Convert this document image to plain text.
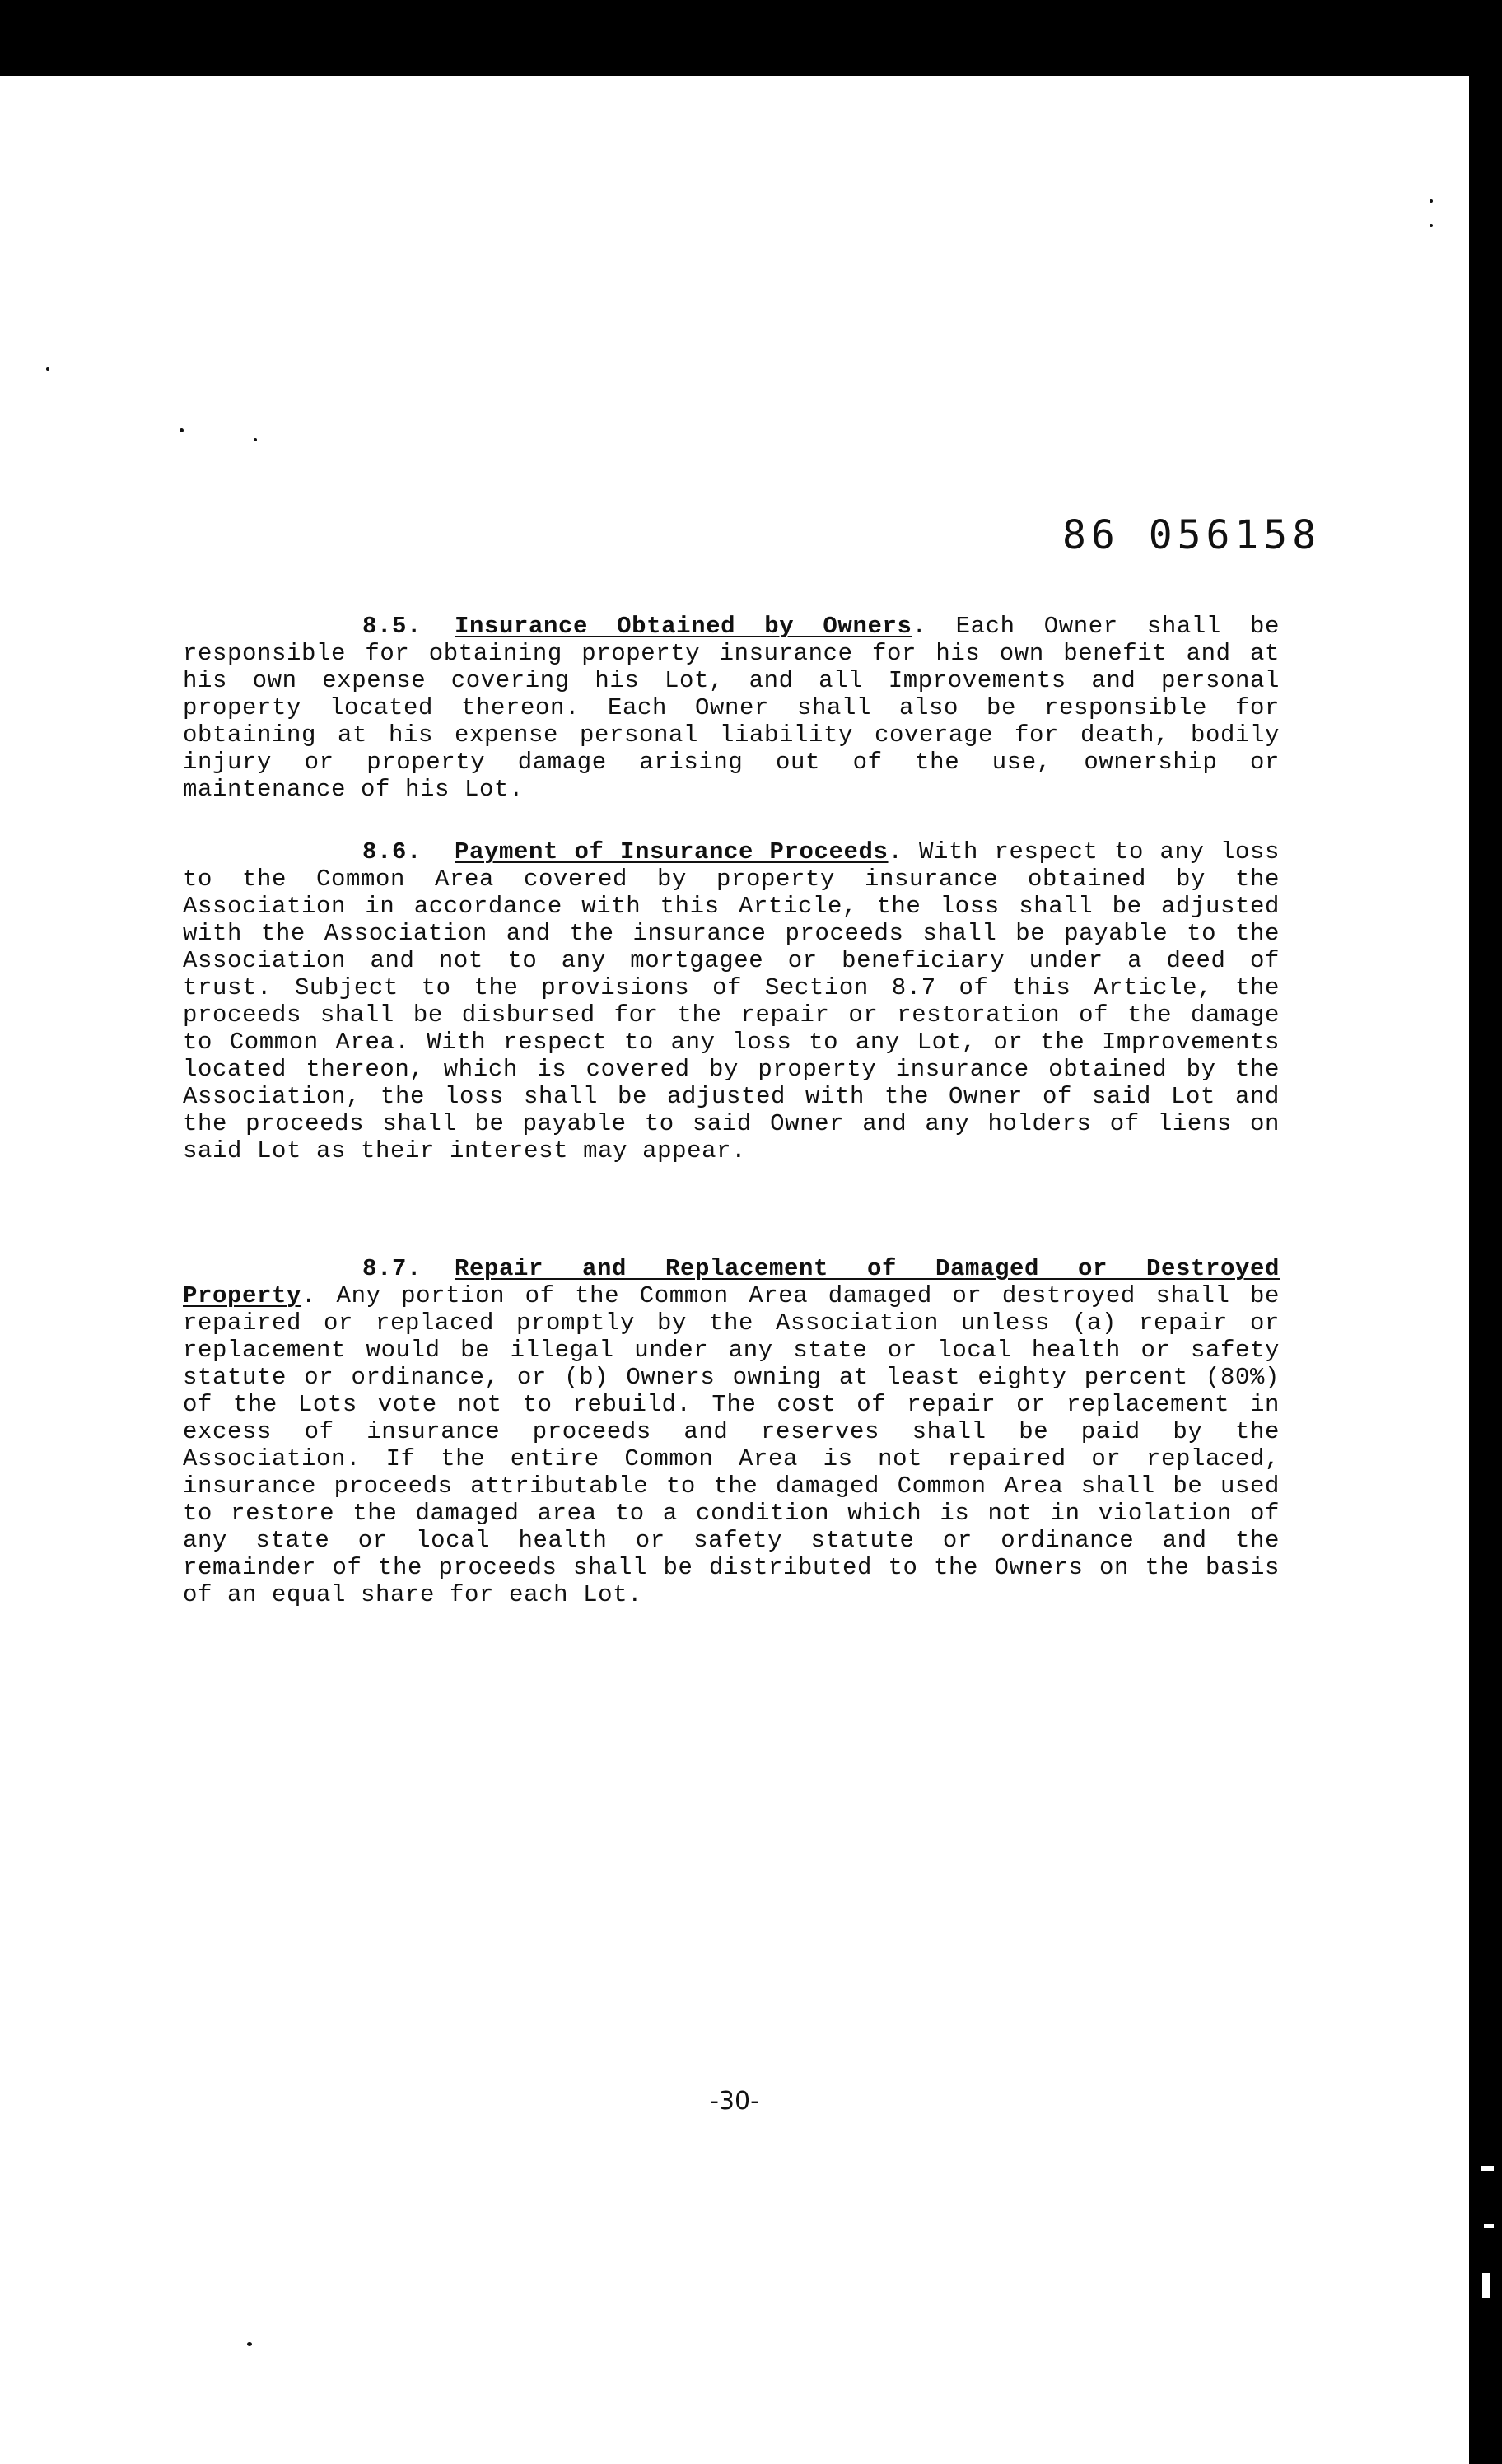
86 056158

8.5. Insurance Obtained by Owners. Each Owner shall be responsible for obtaining property insurance for his own benefit and at his own expense covering his Lot, and all Improvements and personal property located thereon. Each Owner shall also be responsible for obtaining at his expense personal liability coverage for death, bodily injury or property damage arising out of the use, ownership or maintenance of his Lot.

8.6. Payment of Insurance Proceeds. With respect to any loss to the Common Area covered by property insurance obtained by the Association in accordance with this Article, the loss shall be adjusted with the Association and the insurance proceeds shall be payable to the Association and not to any mortgagee or beneficiary under a deed of trust. Subject to the provisions of Section 8.7 of this Article, the proceeds shall be disbursed for the repair or restoration of the damage to Common Area. With respect to any loss to any Lot, or the Improvements located thereon, which is covered by property insurance obtained by the Association, the loss shall be adjusted with the Owner of said Lot and the proceeds shall be payable to said Owner and any holders of liens on said Lot as their interest may appear.

8.7. Repair and Replacement of Damaged or Destroyed Property. Any portion of the Common Area damaged or destroyed shall be repaired or replaced promptly by the Association unless (a) repair or replacement would be illegal under any state or local health or safety statute or ordinance, or (b) Owners owning at least eighty percent (80%) of the Lots vote not to rebuild. The cost of repair or replacement in excess of insurance proceeds and reserves shall be paid by the Association. If the entire Common Area is not repaired or replaced, insurance proceeds attributable to the damaged Common Area shall be used to restore the damaged area to a condition which is not in violation of any state or local health or safety statute or ordinance and the remainder of the proceeds shall be distributed to the Owners on the basis of an equal share for each Lot.

-30-
